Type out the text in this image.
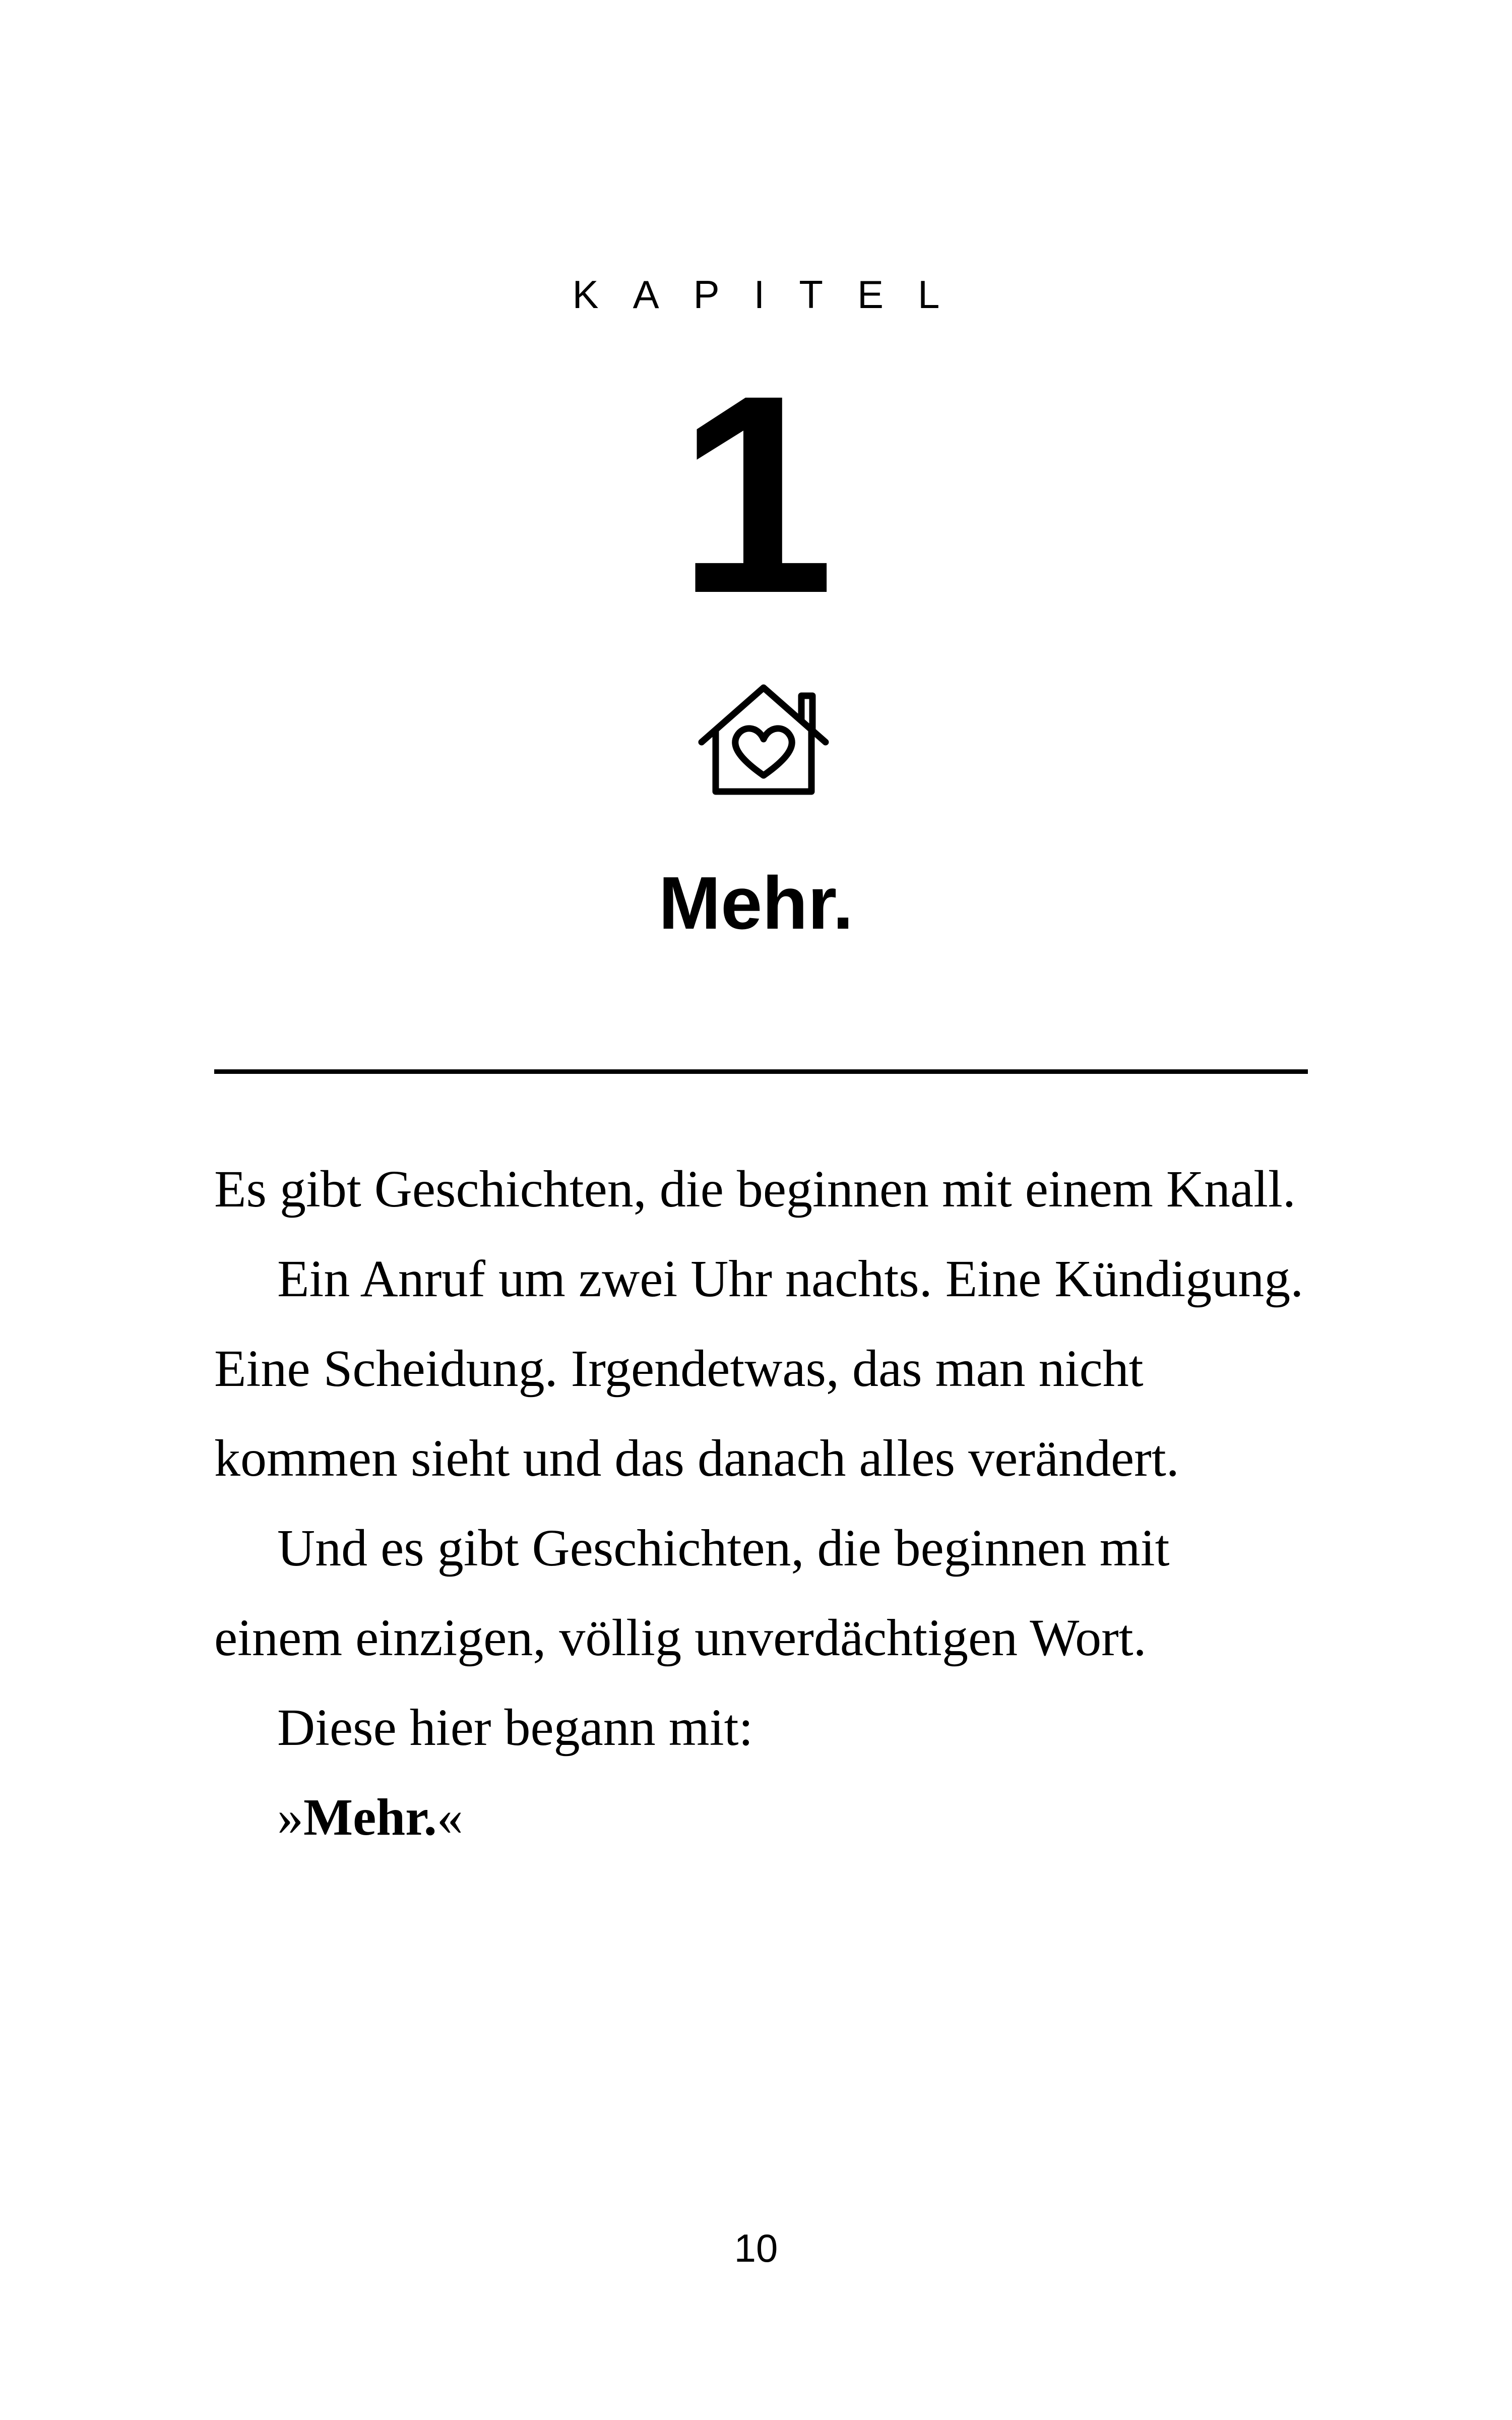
KAPITEL
1
Mehr.

Es gibt Geschichten, die beginnen mit einem Knall.

Ein Anruf um zwei Uhr nachts. Eine Kündigung. Eine Scheidung. Irgendetwas, das man nicht kommen sieht und das danach alles verändert.

Und es gibt Geschichten, die beginnen mit einem einzigen, völlig unverdächtigen Wort.

Diese hier begann mit:

»Mehr.«

10
